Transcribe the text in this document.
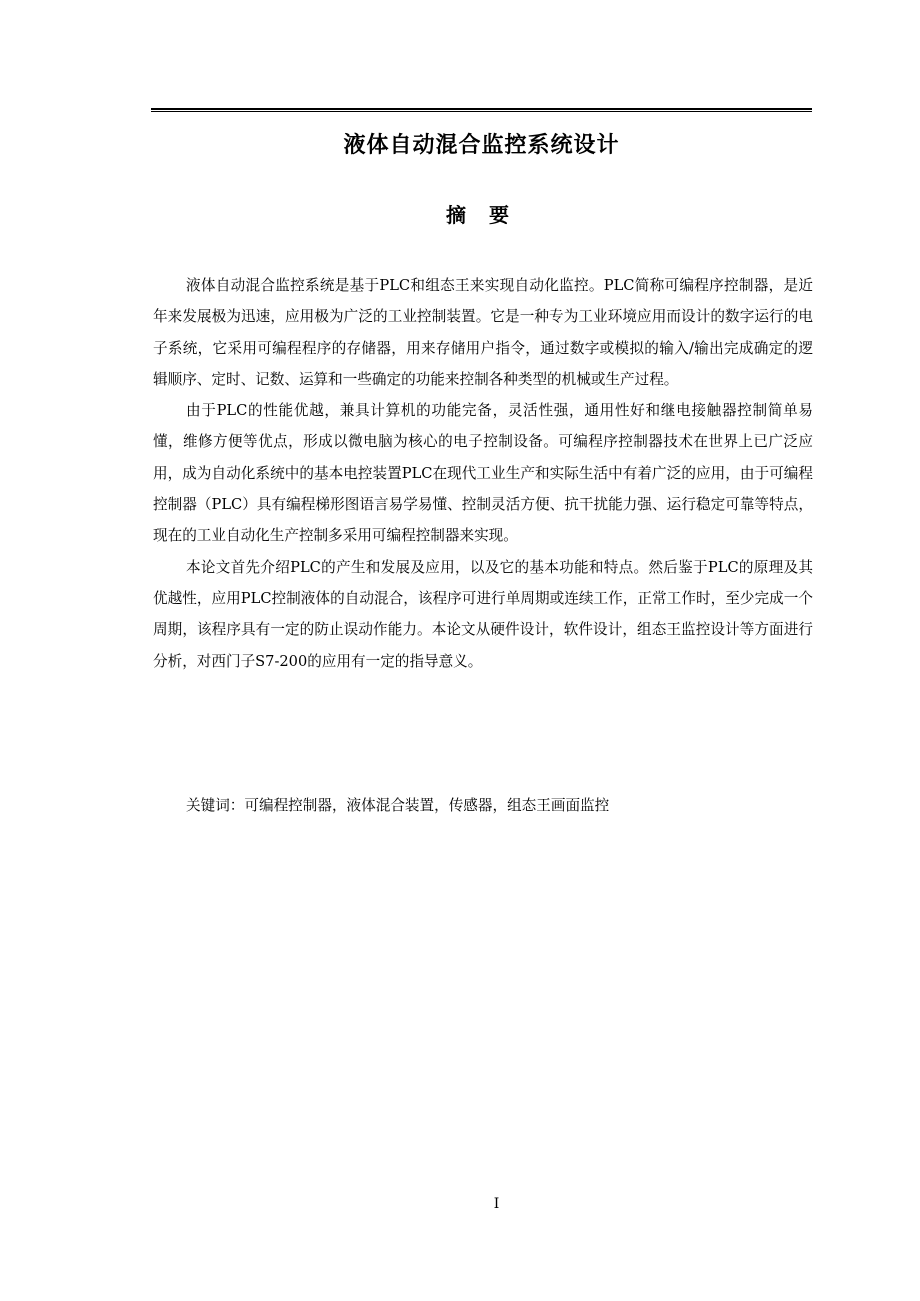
液体自动混合监控系统设计
摘 要

液体自动混合监控系统是基于PLC和组态王来实现自动化监控。PLC简称可编程序控制器，是近年来发展极为迅速，应用极为广泛的工业控制装置。它是一种专为工业环境应用而设计的数字运行的电子系统，它采用可编程程序的存储器，用来存储用户指令，通过数字或模拟的输入/输出完成确定的逻辑顺序、定时、记数、运算和一些确定的功能来控制各种类型的机械或生产过程。

由于PLC的性能优越，兼具计算机的功能完备，灵活性强，通用性好和继电接触器控制简单易懂，维修方便等优点，形成以微电脑为核心的电子控制设备。可编程序控制器技术在世界上已广泛应用，成为自动化系统中的基本电控装置PLC在现代工业生产和实际生活中有着广泛的应用，由于可编程控制器（PLC）具有编程梯形图语言易学易懂、控制灵活方便、抗干扰能力强、运行稳定可靠等特点，现在的工业自动化生产控制多采用可编程控制器来实现。

本论文首先介绍PLC的产生和发展及应用，以及它的基本功能和特点。然后鉴于PLC的原理及其优越性，应用PLC控制液体的自动混合，该程序可进行单周期或连续工作，正常工作时，至少完成一个周期，该程序具有一定的防止误动作能力。本论文从硬件设计，软件设计，组态王监控设计等方面进行分析，对西门子S7-200的应用有一定的指导意义。

关键词：可编程控制器，液体混合装置，传感器，组态王画面监控
I
